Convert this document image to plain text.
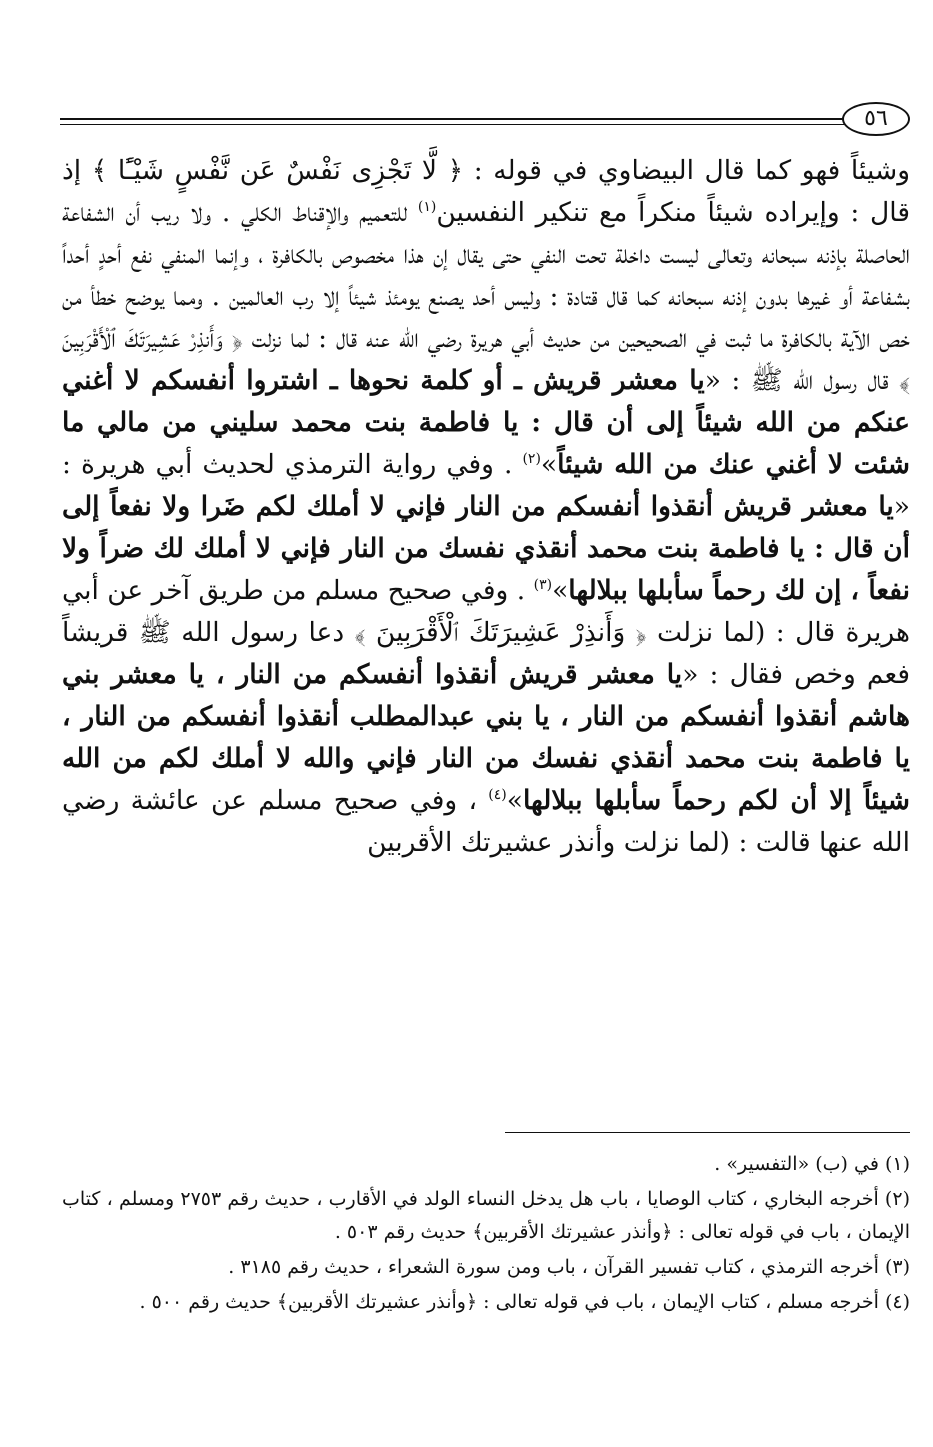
٥٦

وشيئاً فهو كما قال البيضاوي في قوله : ﴿ لَّا تَجْزِى نَفْسٌ عَن نَّفْسٍ شَيْـًٔا ﴾ إذ قال : وإيراده شيئاً منكراً مع تنكير النفسين$^{(١)}$ للتعميم والإقناط الكلي . ولا ريب أن الشفاعة الحاصلة بإذنه سبحانه وتعالى ليست داخلة تحت النفي حتى يقال إن هذا مخصوص بالكافرة ، وإنما المنفي نفع أحدٍ أحداً بشفاعة أو غيرها بدون إذنه سبحانه كما قال قتادة : وليس أحد يصنع يومئذ شيئاً إلا رب العالمين . ومما يوضح خطأ من خص الآية بالكافرة ما ثبت في الصحيحين من حديث أبي هريرة رضي الله عنه قال : لما نزلت ﴿ وَأَنذِرْ عَشِيرَتَكَ ٱلْأَقْرَبِينَ ﴾ قال رسول الله ﷺ : «يا معشر قريش ـ أو كلمة نحوها ـ اشتروا أنفسكم لا أغني عنكم من الله شيئاً إلى أن قال : يا فاطمة بنت محمد سليني من مالي ما شئت لا أغني عنك من الله شيئاً»$^{(٢)}$ . وفي رواية الترمذي لحديث أبي هريرة : «يا معشر قريش أنقذوا أنفسكم من النار فإني لا أملك لكم ضَرا ولا نفعاً إلى أن قال : يا فاطمة بنت محمد أنقذي نفسك من النار فإني لا أملك لك ضراً ولا نفعاً ، إن لك رحماً سأبلها ببلالها»$^{(٣)}$ . وفي صحيح مسلم من طريق آخر عن أبي هريرة قال : (لما نزلت ﴿ وَأَنذِرْ عَشِيرَتَكَ ٱلْأَقْرَبِينَ ﴾ دعا رسول الله ﷺ قريشاً فعم وخص فقال : «يا معشر قريش أنقذوا أنفسكم من النار ، يا معشر بني هاشم أنقذوا أنفسكم من النار ، يا بني عبدالمطلب أنقذوا أنفسكم من النار ، يا فاطمة بنت محمد أنقذي نفسك من النار فإني والله لا أملك لكم من الله شيئاً إلا أن لكم رحماً سأبلها ببلالها»$^{(٤)}$ ، وفي صحيح مسلم عن عائشة رضي الله عنها قالت : (لما نزلت وأنذر عشيرتك الأقربين

(١) في (ب) «التفسير» .

(٢) أخرجه البخاري ، كتاب الوصايا ، باب هل يدخل النساء الولد في الأقارب ، حديث رقم ٢٧٥٣ ومسلم ، كتاب الإيمان ، باب في قوله تعالى : ﴿وأنذر عشيرتك الأقربين﴾ حديث رقم ٥٠٣ .

(٣) أخرجه الترمذي ، كتاب تفسير القرآن ، باب ومن سورة الشعراء ، حديث رقم ٣١٨٥ .

(٤) أخرجه مسلم ، كتاب الإيمان ، باب في قوله تعالى : ﴿وأنذر عشيرتك الأقربين﴾ حديث رقم ٥٠٠ .
